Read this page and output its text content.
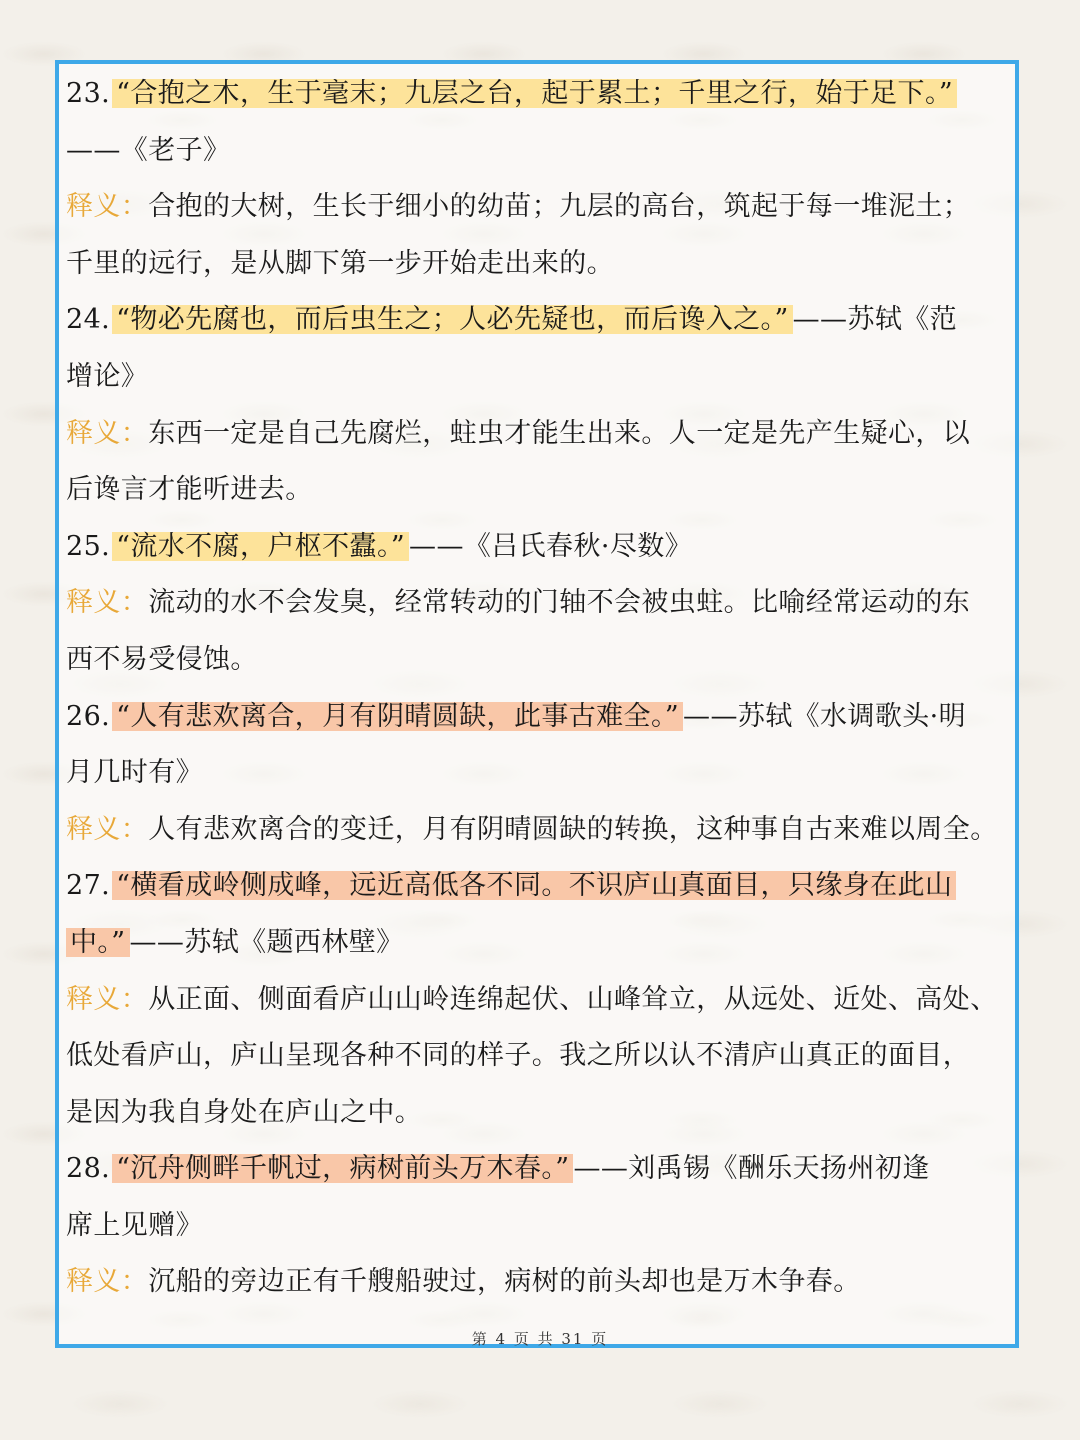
23. “合抱之木，生于毫末；九层之台，起于累土；千里之行，始于足下。”
——《老子》
释义：合抱的大树，生长于细小的幼苗；九层的高台，筑起于每一堆泥土；
千里的远行，是从脚下第一步开始走出来的。
24. “物必先腐也，而后虫生之；人必先疑也，而后谗入之。” ——苏轼《范
增论》
释义：东西一定是自己先腐烂，蛀虫才能生出来。人一定是先产生疑心，以
后谗言才能听进去。
25. “流水不腐，户枢不蠹。” ——《吕氏春秋·尽数》
释义：流动的水不会发臭，经常转动的门轴不会被虫蛀。比喻经常运动的东
西不易受侵蚀。
26. “人有悲欢离合，月有阴晴圆缺，此事古难全。” ——苏轼《水调歌头·明
月几时有》
释义：人有悲欢离合的变迁，月有阴晴圆缺的转换，这种事自古来难以周全。
27. “横看成岭侧成峰，远近高低各不同。不识庐山真面目，只缘身在此山
中。” ——苏轼《题西林壁》
释义：从正面、侧面看庐山山岭连绵起伏、山峰耸立，从远处、近处、高处、
低处看庐山，庐山呈现各种不同的样子。我之所以认不清庐山真正的面目，
是因为我自身处在庐山之中。
28. “沉舟侧畔千帆过，病树前头万木春。” ——刘禹锡《酬乐天扬州初逢
席上见赠》
释义：沉船的旁边正有千艘船驶过，病树的前头却也是万木争春。
第 4 页 共 31 页
